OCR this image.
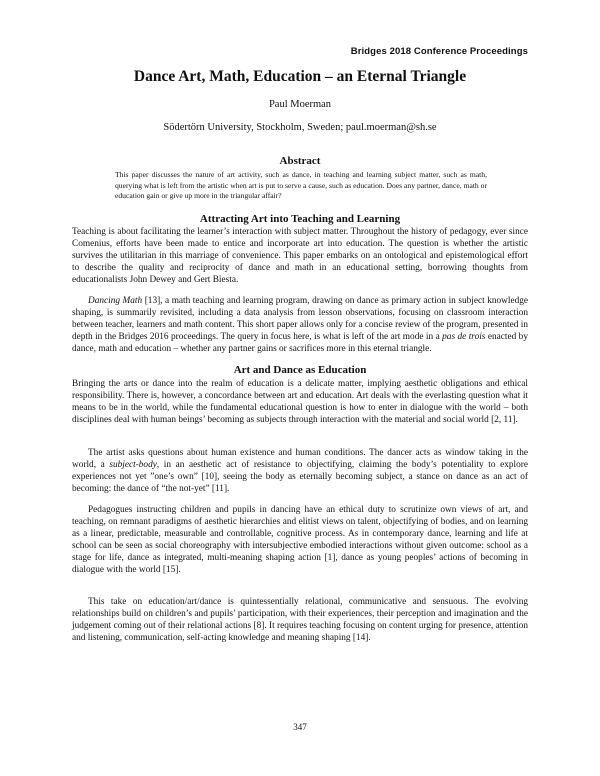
Bridges 2018 Conference Proceedings
Dance Art, Math, Education – an Eternal Triangle
Paul Moerman
Södertörn University, Stockholm, Sweden; paul.moerman@sh.se
Abstract
This paper discusses the nature of art activity, such as dance, in teaching and learning subject matter, such as math, querying what is left from the artistic when art is put to serve a cause, such as education. Does any partner, dance, math or education gain or give up more in the triangular affair?
Attracting Art into Teaching and Learning
Teaching is about facilitating the learner’s interaction with subject matter. Throughout the history of pedagogy, ever since Comenius, efforts have been made to entice and incorporate art into education. The question is whether the artistic survives the utilitarian in this marriage of convenience. This paper embarks on an ontological and epistemological effort to describe the quality and reciprocity of dance and math in an educational setting, borrowing thoughts from educationalists John Dewey and Gert Biesta.
Dancing Math [13], a math teaching and learning program, drawing on dance as primary action in subject knowledge shaping, is summarily revisited, including a data analysis from lesson observations, focusing on classroom interaction between teacher, learners and math content. This short paper allows only for a concise review of the program, presented in depth in the Bridges 2016 proceedings. The query in focus here, is what is left of the art mode in a pas de trois enacted by dance, math and education – whether any partner gains or sacrifices more in this eternal triangle.
Art and Dance as Education
Bringing the arts or dance into the realm of education is a delicate matter, implying aesthetic obligations and ethical responsibility. There is, however, a concordance between art and education. Art deals with the everlasting question what it means to be in the world, while the fundamental educational question is how to enter in dialogue with the world – both disciplines deal with human beings’ becoming as subjects through interaction with the material and social world [2, 11].
The artist asks questions about human existence and human conditions. The dancer acts as window taking in the world, a subject-body, in an aesthetic act of resistance to objectifying, claiming the body’s potentiality to explore experiences not yet ”one’s own” [10], seeing the body as eternally becoming subject, a stance on dance as an act of becoming: the dance of “the not-yet” [11].
Pedagogues instructing children and pupils in dancing have an ethical duty to scrutinize own views of art, and teaching, on remnant paradigms of aesthetic hierarchies and elitist views on talent, objectifying of bodies, and on learning as a linear, predictable, measurable and controllable, cognitive process. As in contemporary dance, learning and life at school can be seen as social choreography with intersubjective embodied interactions without given outcome: school as a stage for life, dance as integrated, multi-meaning shaping action [1], dance as young peoples’ actions of becoming in dialogue with the world [15].
This take on education/art/dance is quintessentially relational, communicative and sensuous. The evolving relationships build on children’s and pupils’ participation, with their experiences, their perception and imagination and the judgement coming out of their relational actions [8]. It requires teaching focusing on content urging for presence, attention and listening, communication, self-acting knowledge and meaning shaping [14].
347
